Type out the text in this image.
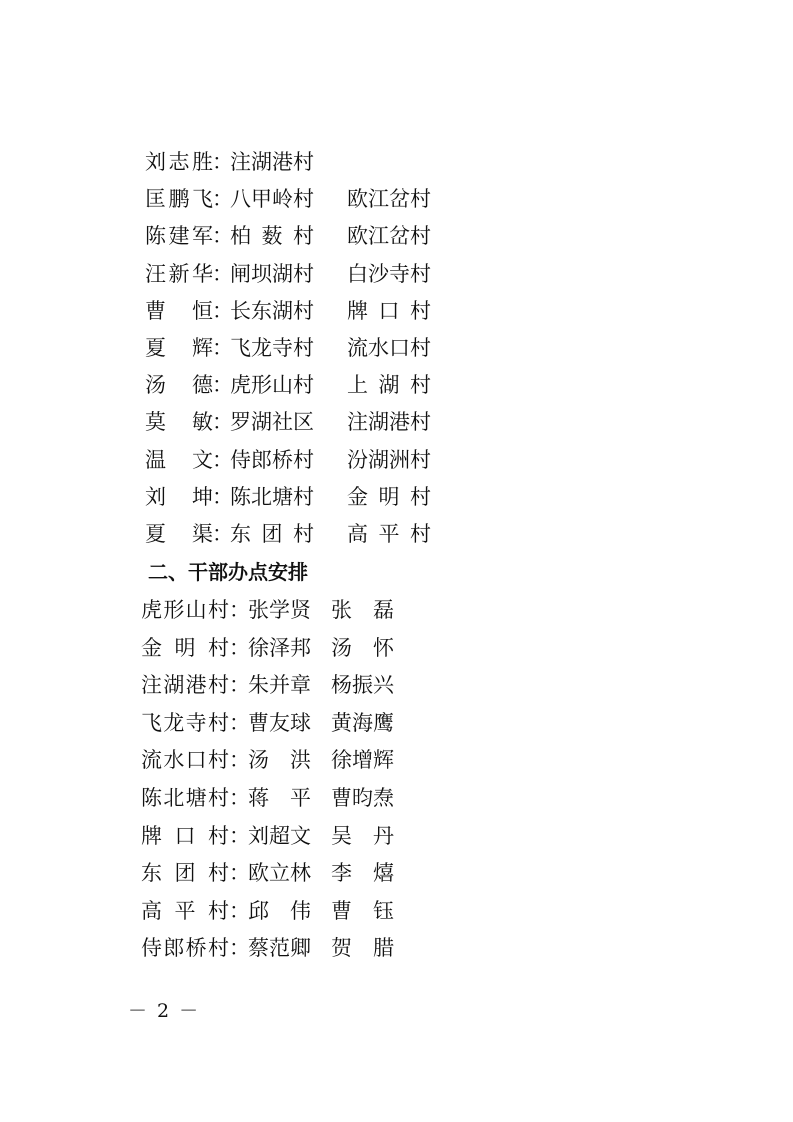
刘志胜 ：
注湖港村
匡鹏飞 ：
八甲岭村 欧江岔村
陈建军 ：
柏薮村 欧江岔村
汪新华 ：
闸坝湖村 白沙寺村
曹恒 ：
长东湖村 牌口村
夏辉 ：
飞龙寺村 流水口村
汤德 ：
虎形山村 上湖村
莫敏 ：
罗湖社区 注湖港村
温文 ：
侍郎桥村 汾湖洲村
刘坤 ：
陈北塘村 金明村
夏渠 ：
东团村 高平村
二、干部办点安排
虎形山村 ：
张学贤 张磊
金明村 ：
徐泽邦 汤怀
注湖港村 ：
朱并章 杨振兴
飞龙寺村 ：
曹友球 黄海鹰
流水口村 ：
汤洪 徐增辉
陈北塘村 ：
蒋平 曹昀焘
牌口村 ：
刘超文 吴丹
东团村 ：
欧立林 李熺
高平村 ：
邱伟 曹钰
侍郎桥村 ：
蔡范卿 贺腊
－ 2 －
